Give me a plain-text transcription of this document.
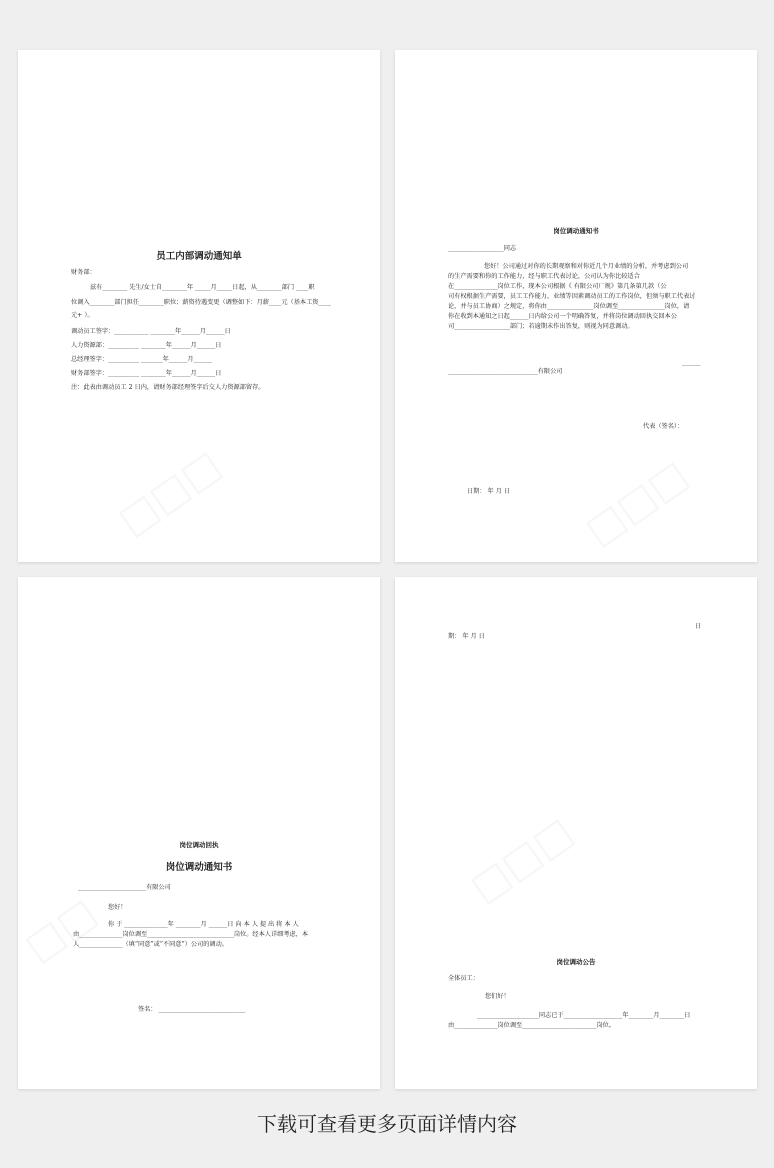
员工内部调动通知单
财务部：
兹有________ 先生/女士自________年 _____月_____日起，从________部门 ____职
位调入________部门担任________职位；薪资待遇变更（调整如下：月薪____元（基本工资____
元+ ）。
调动员工签字：___________ ________年______月______日
人力资源部：__________ ________年______月______日
总经理签字：__________ _______年______月______
财务部签字：__________ ________年______月______日
注：此表由调动员工 2 日内，请财务部经理签字后交人力资源部留存。
岗位调动通知书
__________________同志
您好！公司通过对你的长期观察和对你近几个月业绩的分析，并考虑到公司
的生产需要和你的工作能力，经与职工代表讨论，公司认为你比较适合
在______________岗位工作，现本公司根据《 有限公司厂规》第几条第几款（公
司有权根据生产需要，员工工作能力，业绩等因素调动员工的工作岗位，但须与职工代表讨
论，并与员工协商）之规定，将你由_______________岗位调至_______________岗位，请
你在收到本通知之日起______日内给公司一个明确答复，并将岗位调动回执交回本公
司__________________部门；若逾期未作出答复，则视为同意调动。
______
_____________________________有限公司
代表（签名）：
日期： 年 月 日
岗位调动回执
岗位调动通知书
______________________有限公司
您好！
你 于 ______________年 ________月 ______日 向 本 人 提 出 将 本 人
由______________岗位调至____________________________岗位。经本人详细考虑，本
人______________（填“同意”或“不同意”）公司的调动。
签名： ____________________________
日
期： 年 月 日
岗位调动公告
全体员工：
您们好！
____________________同志已于___________________年________月________日
由______________岗位调至________________________岗位。
下载可查看更多页面详情内容
